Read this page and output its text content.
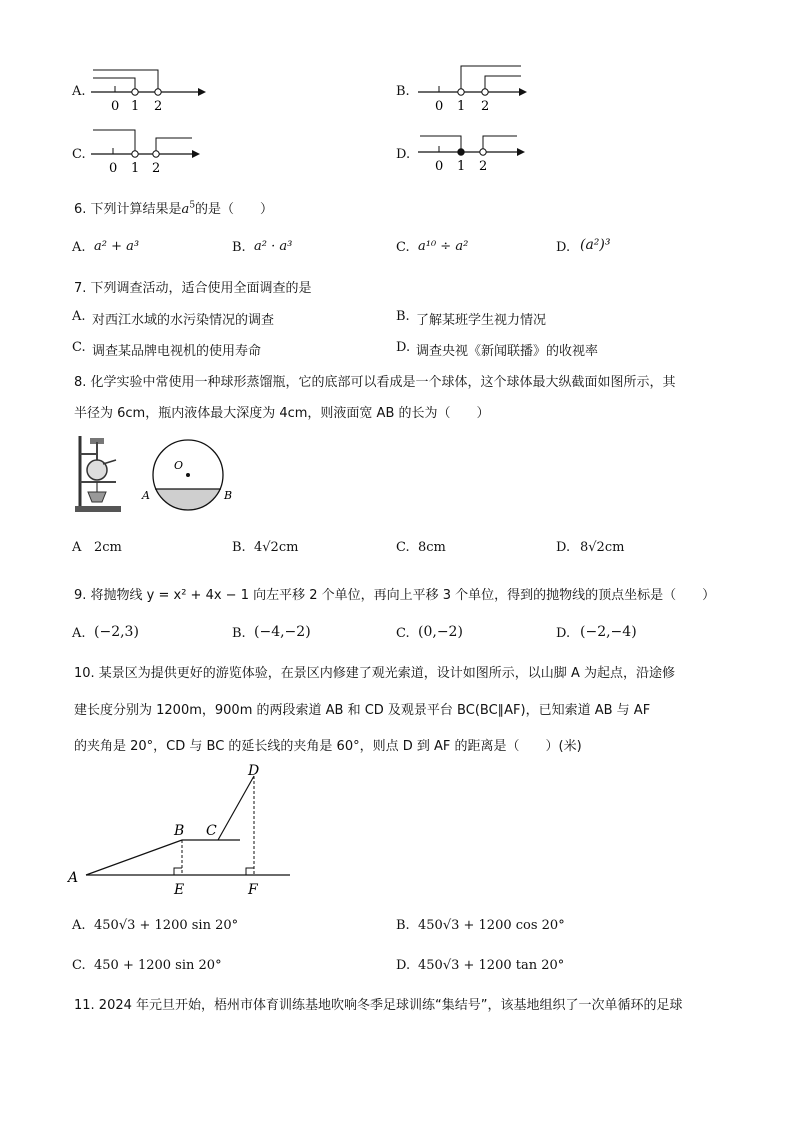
A.
0 1 2
B.
0 1 2
C.
0 1 2
D.
0 1 2
6. 下列计算结果是$a^5$的是（　　）
A. a² + a³	B. a² · a³	C. a¹⁰ ÷ a²	D. (a²)³
7. 下列调查活动，适合使用全面调查的是
A. 对西江水域的水污染情况的调查	B. 了解某班学生视力情况
C. 调查某品牌电视机的使用寿命	D. 调查央视《新闻联播》的收视率
8. 化学实验中常使用一种球形蒸馏瓶，它的底部可以看成是一个球体，这个球体最大纵截面如图所示，其
半径为 6cm，瓶内液体最大深度为 4cm，则液面宽 AB 的长为（　　）
O
A	B
A 2cm	B. 4√2cm	C. 8cm	D. 8√2cm
9. 将抛物线 y = x² + 4x − 1 向左平移 2 个单位，再向上平移 3 个单位，得到的抛物线的顶点坐标是（　　）
A. (−2,3)	B. (−4,−2)	C. (0,−2)	D. (−2,−4)
10. 某景区为提供更好的游览体验，在景区内修建了观光索道，设计如图所示，以山脚 A 为起点，沿途修
建长度分别为 1200m，900m 的两段索道 AB 和 CD 及观景平台 BC(BC∥AF)，已知索道 AB 与 AF
的夹角是 20°，CD 与 BC 的延长线的夹角是 60°，则点 D 到 AF 的距离是（　　）(米)
A
B C
D
E	F
A. 450√3 + 1200 sin 20°	B. 450√3 + 1200 cos 20°
C. 450 + 1200 sin 20°	D. 450√3 + 1200 tan 20°
11. 2024 年元旦开始，梧州市体育训练基地吹响冬季足球训练“集结号”，该基地组织了一次单循环的足球
